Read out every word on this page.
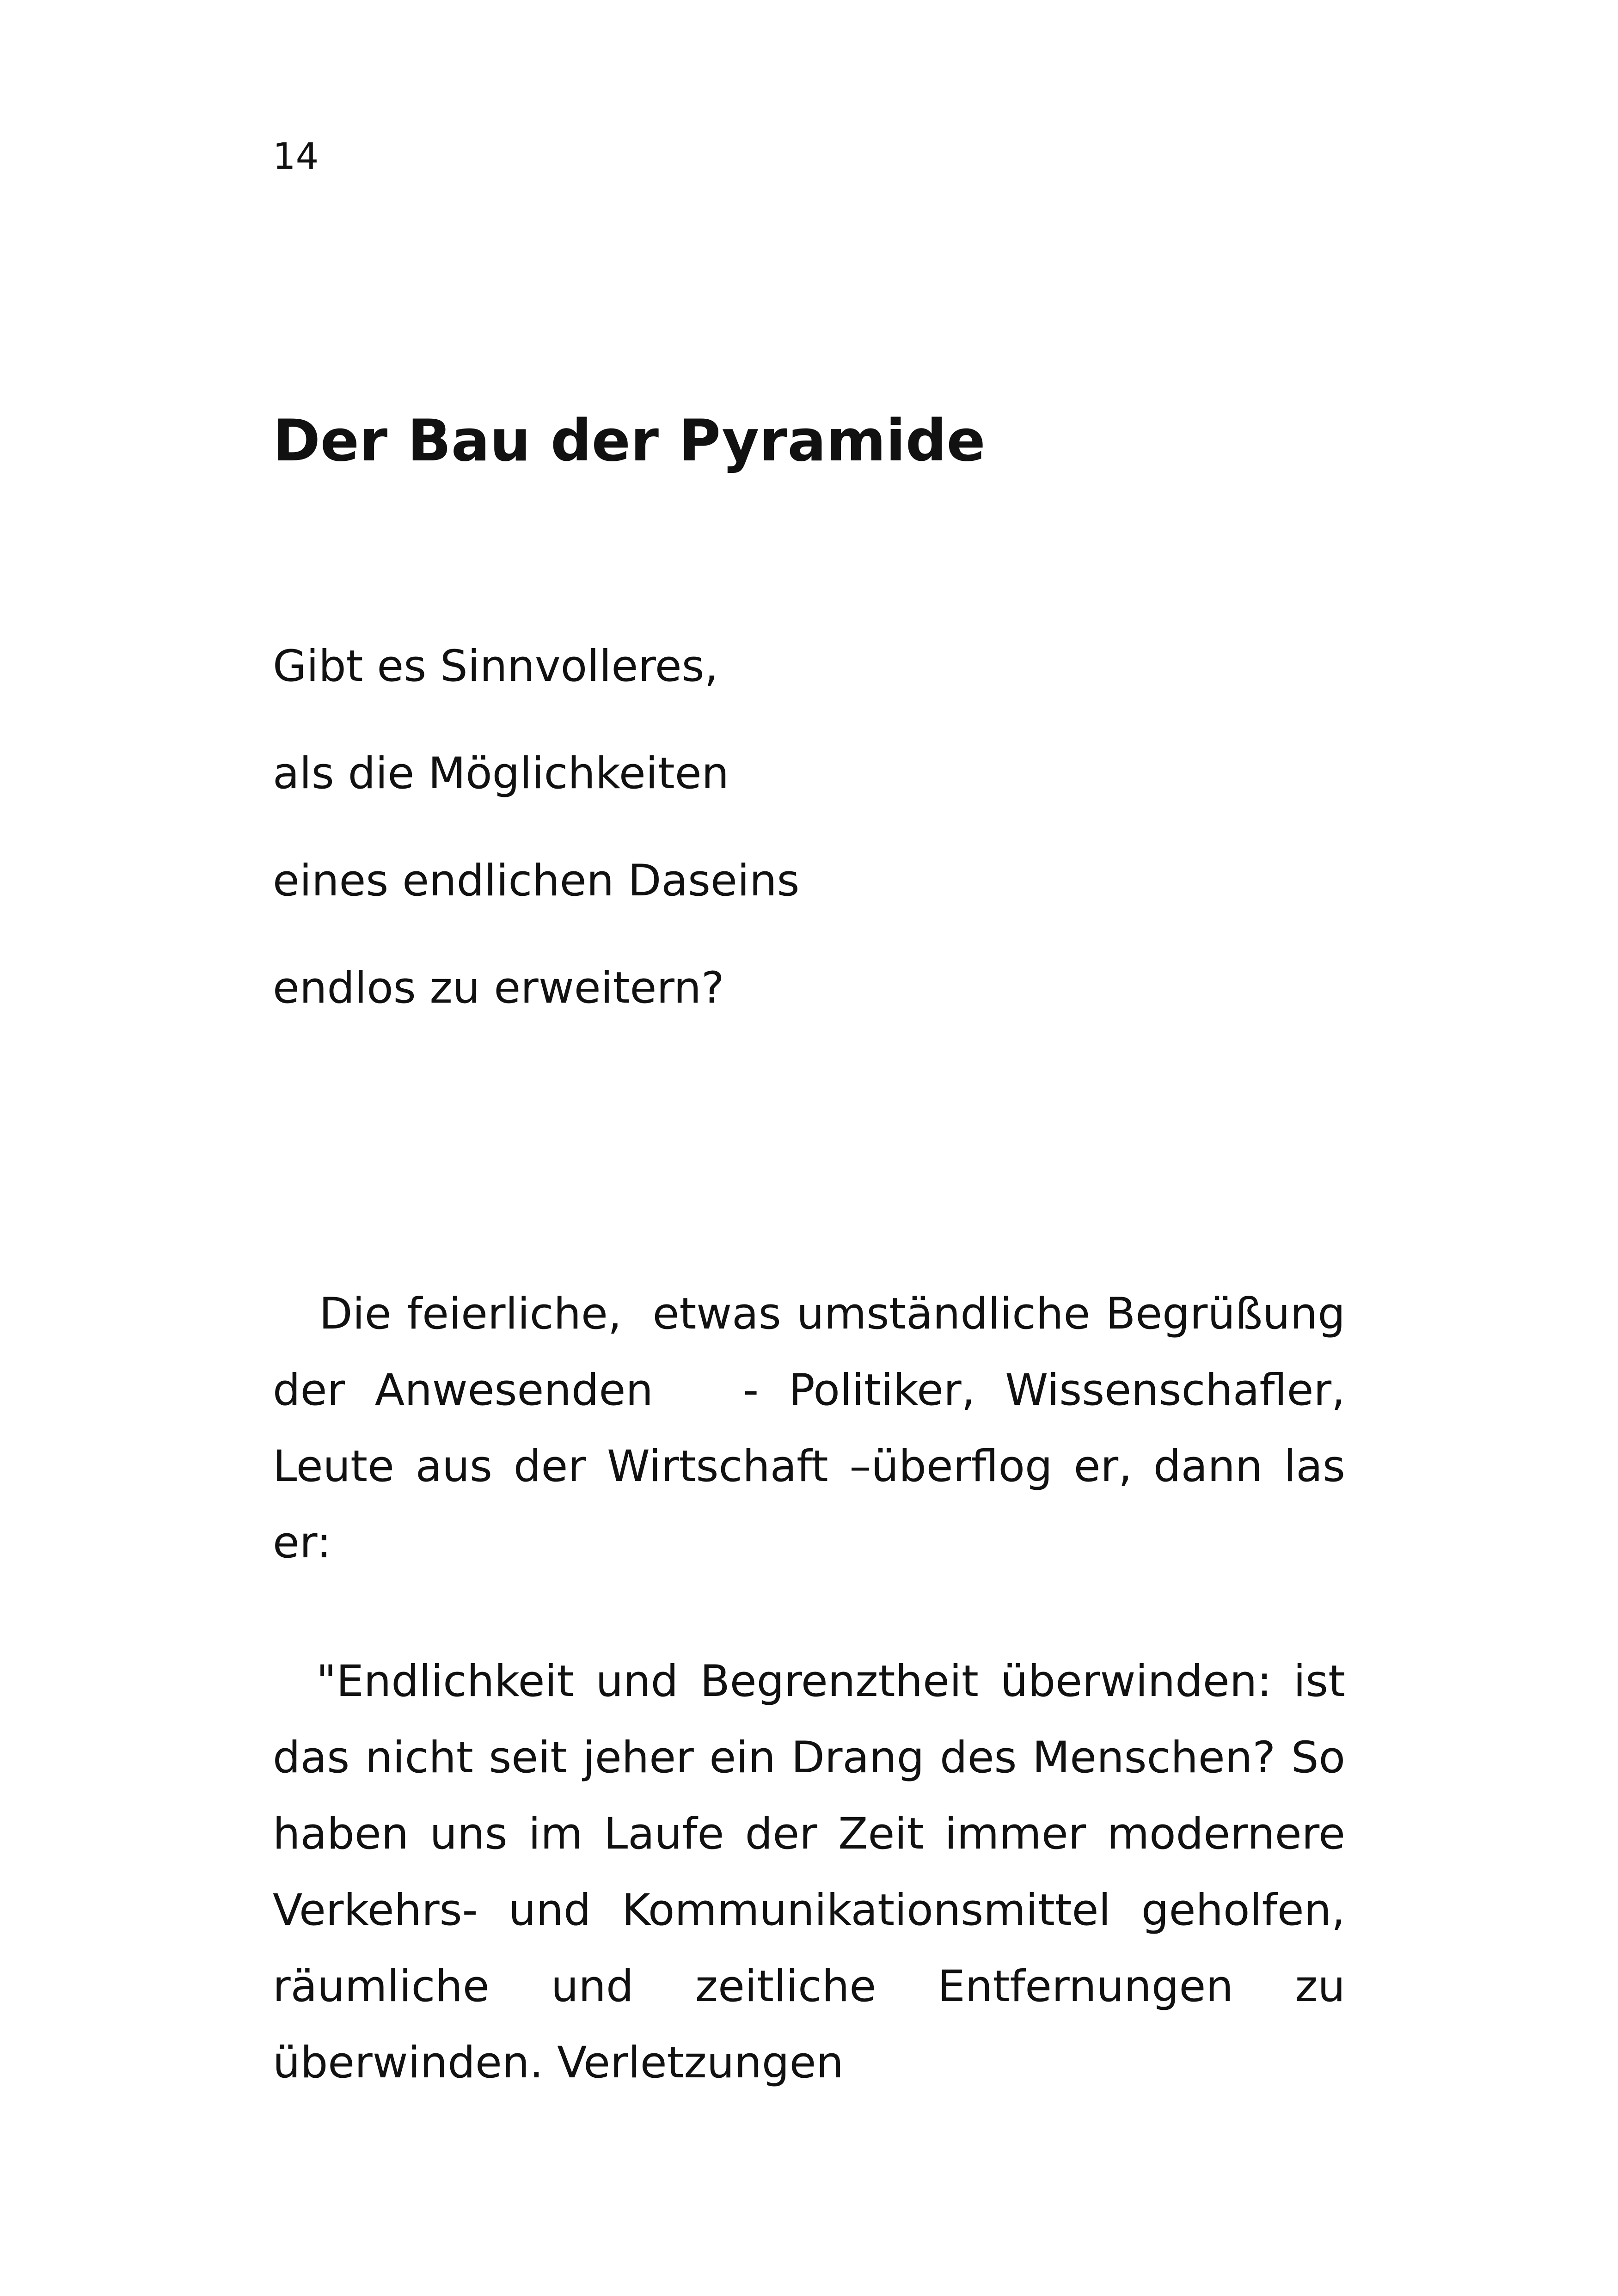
14
Der Bau der Pyramide
Gibt es Sinnvolleres,
als die Möglichkeiten
eines endlichen Daseins
endlos zu erweitern?

Die feierliche,  etwas umständliche Begrüßung der Anwesenden   - Politiker, Wissenschafler, Leute aus der Wirtschaft –überflog er, dann las er:

"Endlichkeit und Begrenztheit überwinden: ist das nicht seit jeher ein Drang des Menschen? So haben uns im Laufe der Zeit immer modernere Verkehrs- und Kommunikationsmittel geholfen, räumliche und zeitliche Entfernungen zu überwinden. Verletzungen
